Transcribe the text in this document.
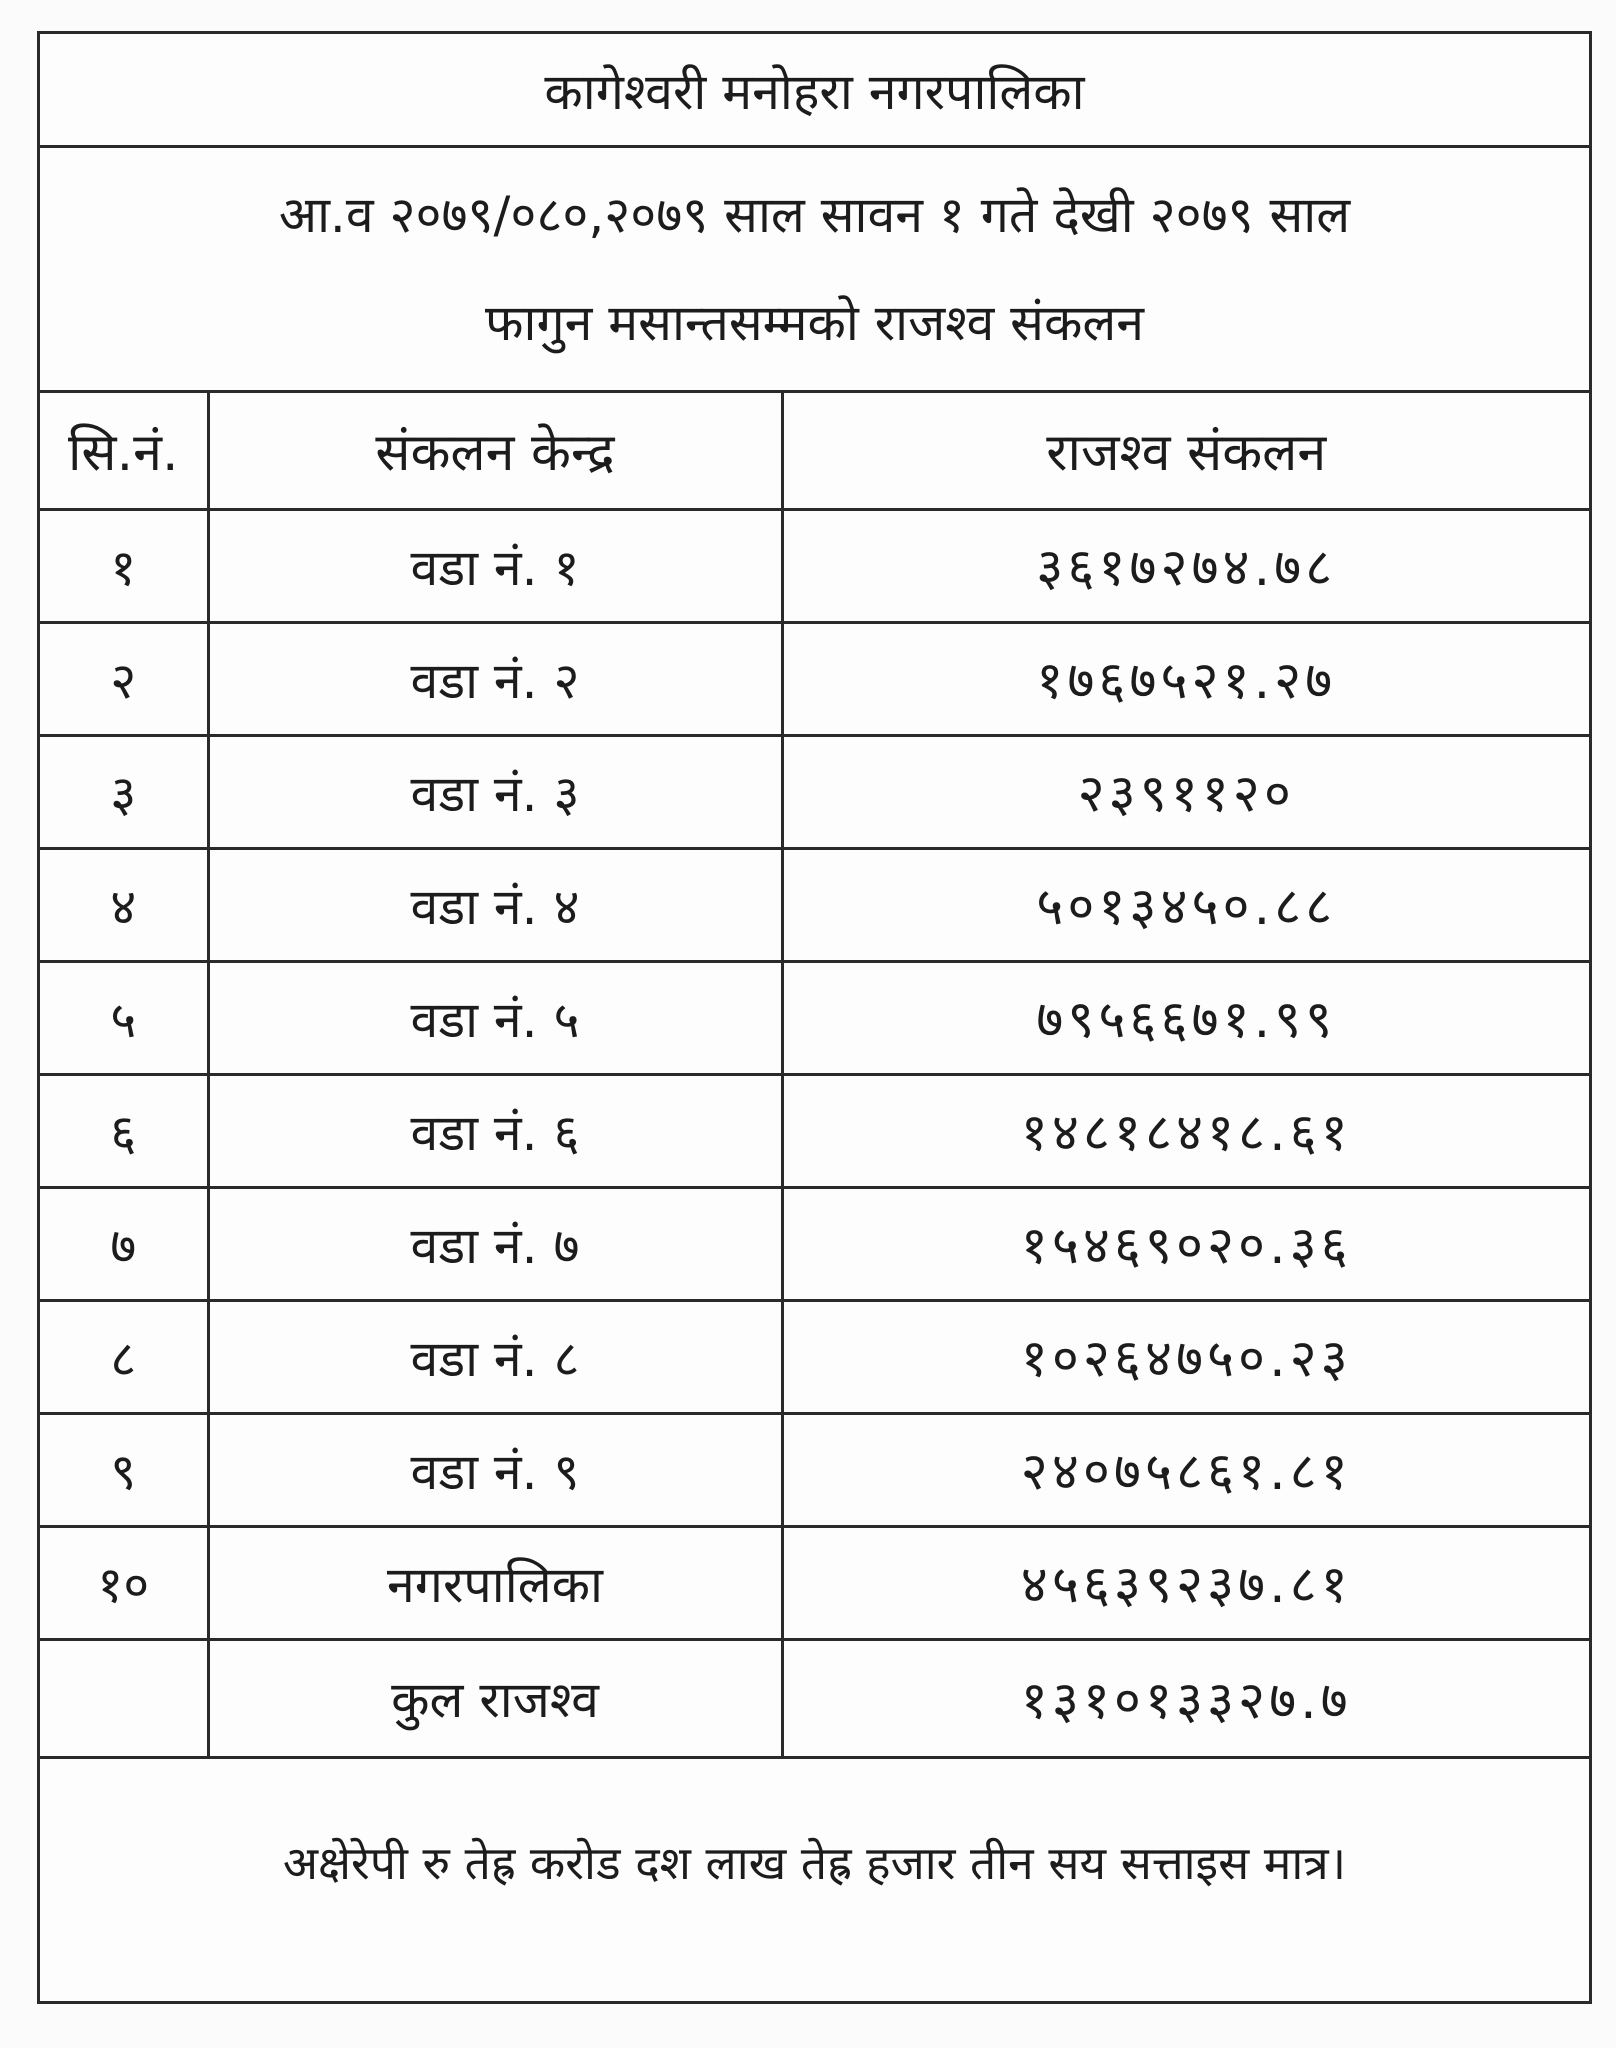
कागेश्वरी मनोहरा नगरपालिका
आ.व २०७९/०८०,२०७९ साल सावन १ गते देखी २०७९ साल
फागुन मसान्तसम्मको राजश्व संकलन
सि.नं.	संकलन केन्द्र	राजश्व संकलन
१	वडा नं. १	३६१७२७४.७८
२	वडा नं. २	१७६७५२१.२७
३	वडा नं. ३	२३९११२०
४	वडा नं. ४	५०१३४५०.८८
५	वडा नं. ५	७९५६६७१.९९
६	वडा नं. ६	१४८१८४१८.६१
७	वडा नं. ७	१५४६९०२०.३६
८	वडा नं. ८	१०२६४७५०.२३
९	वडा नं. ९	२४०७५८६१.८१
१०	नगरपालिका	४५६३९२३७.८१
	कुल राजश्व	१३१०१३३२७.७
अक्षेरेपी रु तेह्र करोड दश लाख तेह्र हजार तीन सय सत्ताइस मात्र।
